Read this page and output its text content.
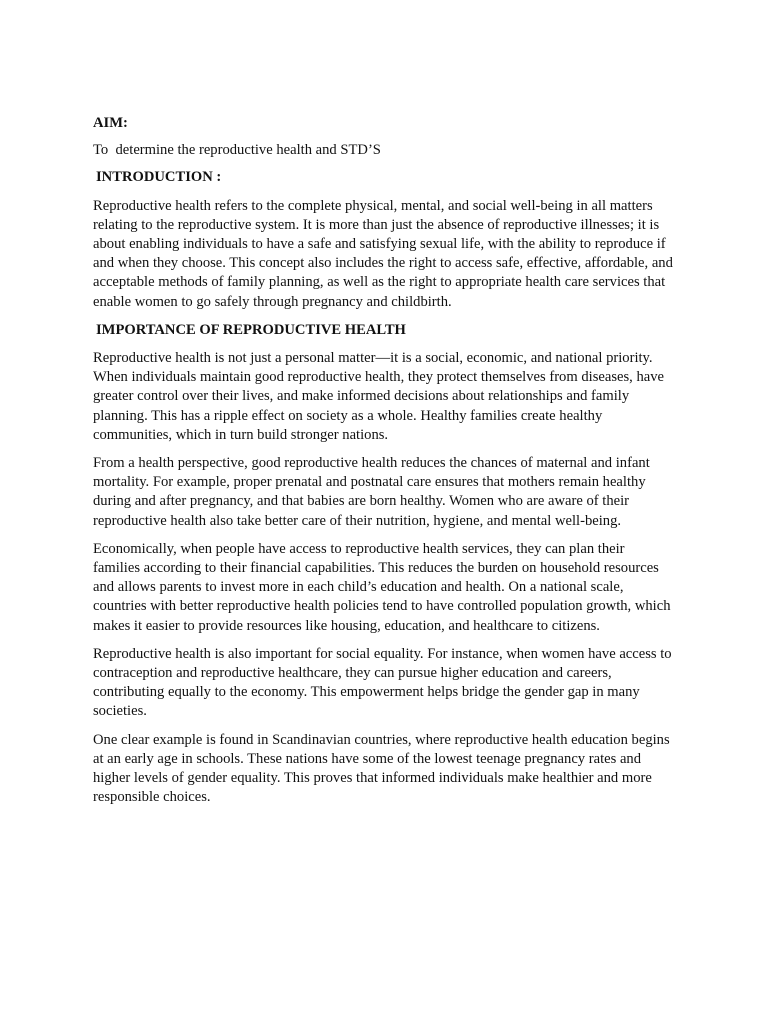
AIM:

To  determine the reproductive health and STD’S

INTRODUCTION :

Reproductive health refers to the complete physical, mental, and social well-being in all matters relating to the reproductive system. It is more than just the absence of reproductive illnesses; it is about enabling individuals to have a safe and satisfying sexual life, with the ability to reproduce if and when they choose. This concept also includes the right to access safe, effective, affordable, and acceptable methods of family planning, as well as the right to appropriate health care services that enable women to go safely through pregnancy and childbirth.

IMPORTANCE OF REPRODUCTIVE HEALTH

Reproductive health is not just a personal matter—it is a social, economic, and national priority. When individuals maintain good reproductive health, they protect themselves from diseases, have greater control over their lives, and make informed decisions about relationships and family planning. This has a ripple effect on society as a whole. Healthy families create healthy communities, which in turn build stronger nations.

From a health perspective, good reproductive health reduces the chances of maternal and infant mortality. For example, proper prenatal and postnatal care ensures that mothers remain healthy during and after pregnancy, and that babies are born healthy. Women who are aware of their reproductive health also take better care of their nutrition, hygiene, and mental well-being.

Economically, when people have access to reproductive health services, they can plan their families according to their financial capabilities. This reduces the burden on household resources and allows parents to invest more in each child’s education and health. On a national scale, countries with better reproductive health policies tend to have controlled population growth, which makes it easier to provide resources like housing, education, and healthcare to citizens.

Reproductive health is also important for social equality. For instance, when women have access to contraception and reproductive healthcare, they can pursue higher education and careers, contributing equally to the economy. This empowerment helps bridge the gender gap in many societies.

One clear example is found in Scandinavian countries, where reproductive health education begins at an early age in schools. These nations have some of the lowest teenage pregnancy rates and higher levels of gender equality. This proves that informed individuals make healthier and more responsible choices.
